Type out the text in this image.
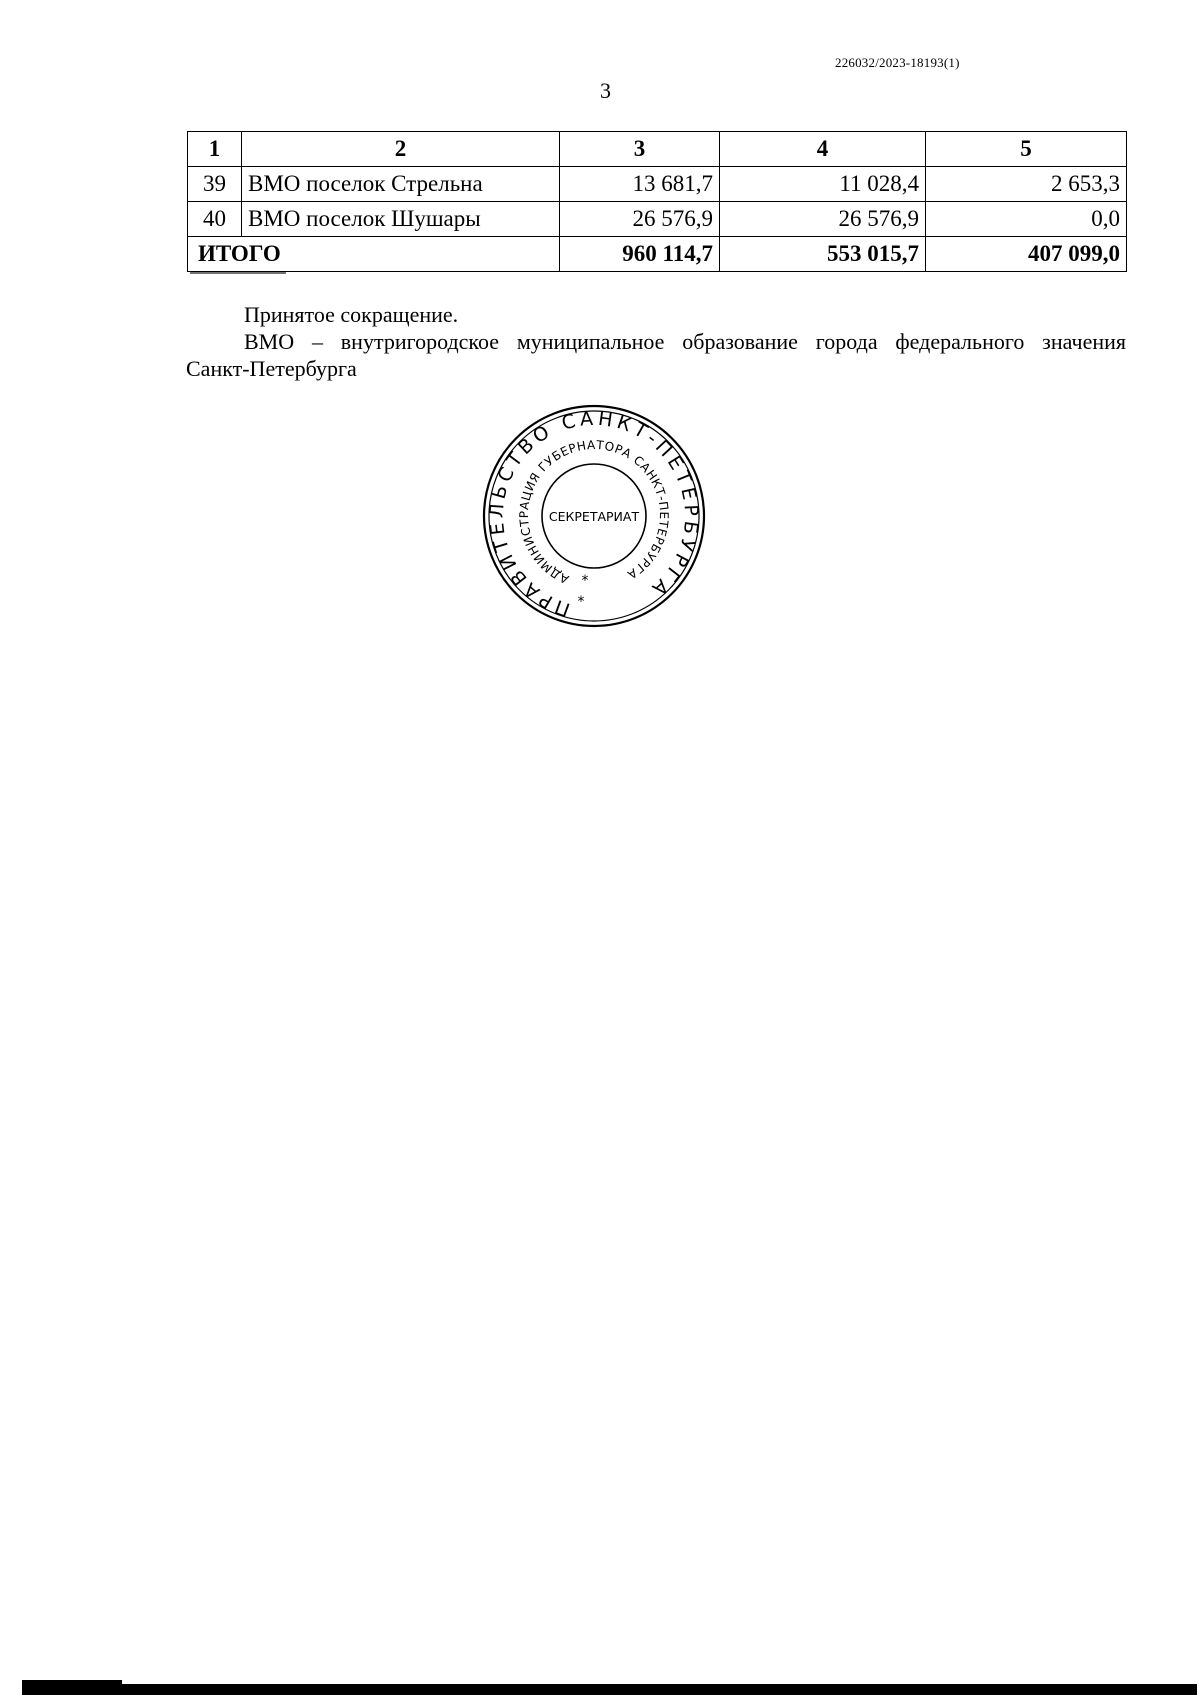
226032/2023-18193(1)
3
1	2	3	4	5
39	ВМО поселок Стрельна	13 681,7	11 028,4	2 653,3
40	ВМО поселок Шушары	26 576,9	26 576,9	0,0
ИТОГО		960 114,7	553 015,7	407 099,0
Принятое сокращение.
ВМО – внутригородское муниципальное образование города федерального значения
Санкт-Петербурга
ПРАВИТЕЛЬСТВО САНКТ-ПЕТЕРБУРГА
АДМИНИСТРАЦИЯ ГУБЕРНАТОРА САНКТ-ПЕТЕРБУРГА
СЕКРЕТАРИАТ
*
*
